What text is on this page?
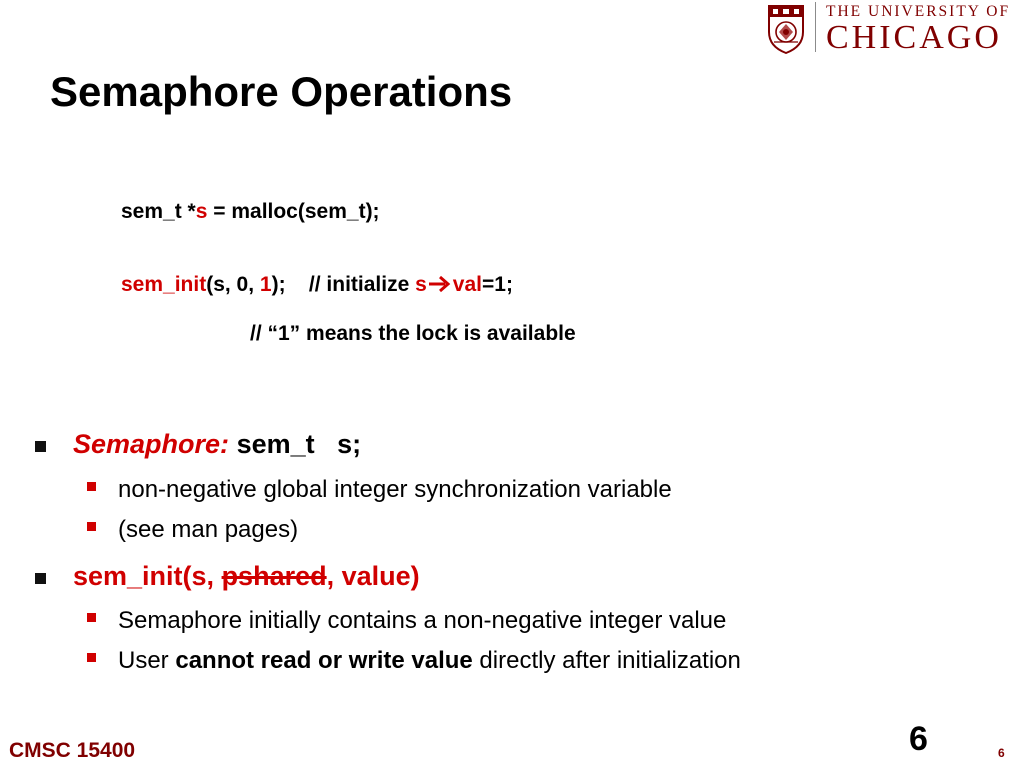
THE UNIVERSITY OF
CHICAGO
Semaphore Operations
sem_t *s = malloc(sem_t);
sem_init(s, 0, 1);    // initialize s val=1;
// “1” means the lock is available
Semaphore: sem_t   s;
non-negative global integer synchronization variable
(see man pages)
sem_init(s, pshared, value)
Semaphore initially contains a non-negative integer value
User cannot read or write value directly after initialization
CMSC 15400	6	6
